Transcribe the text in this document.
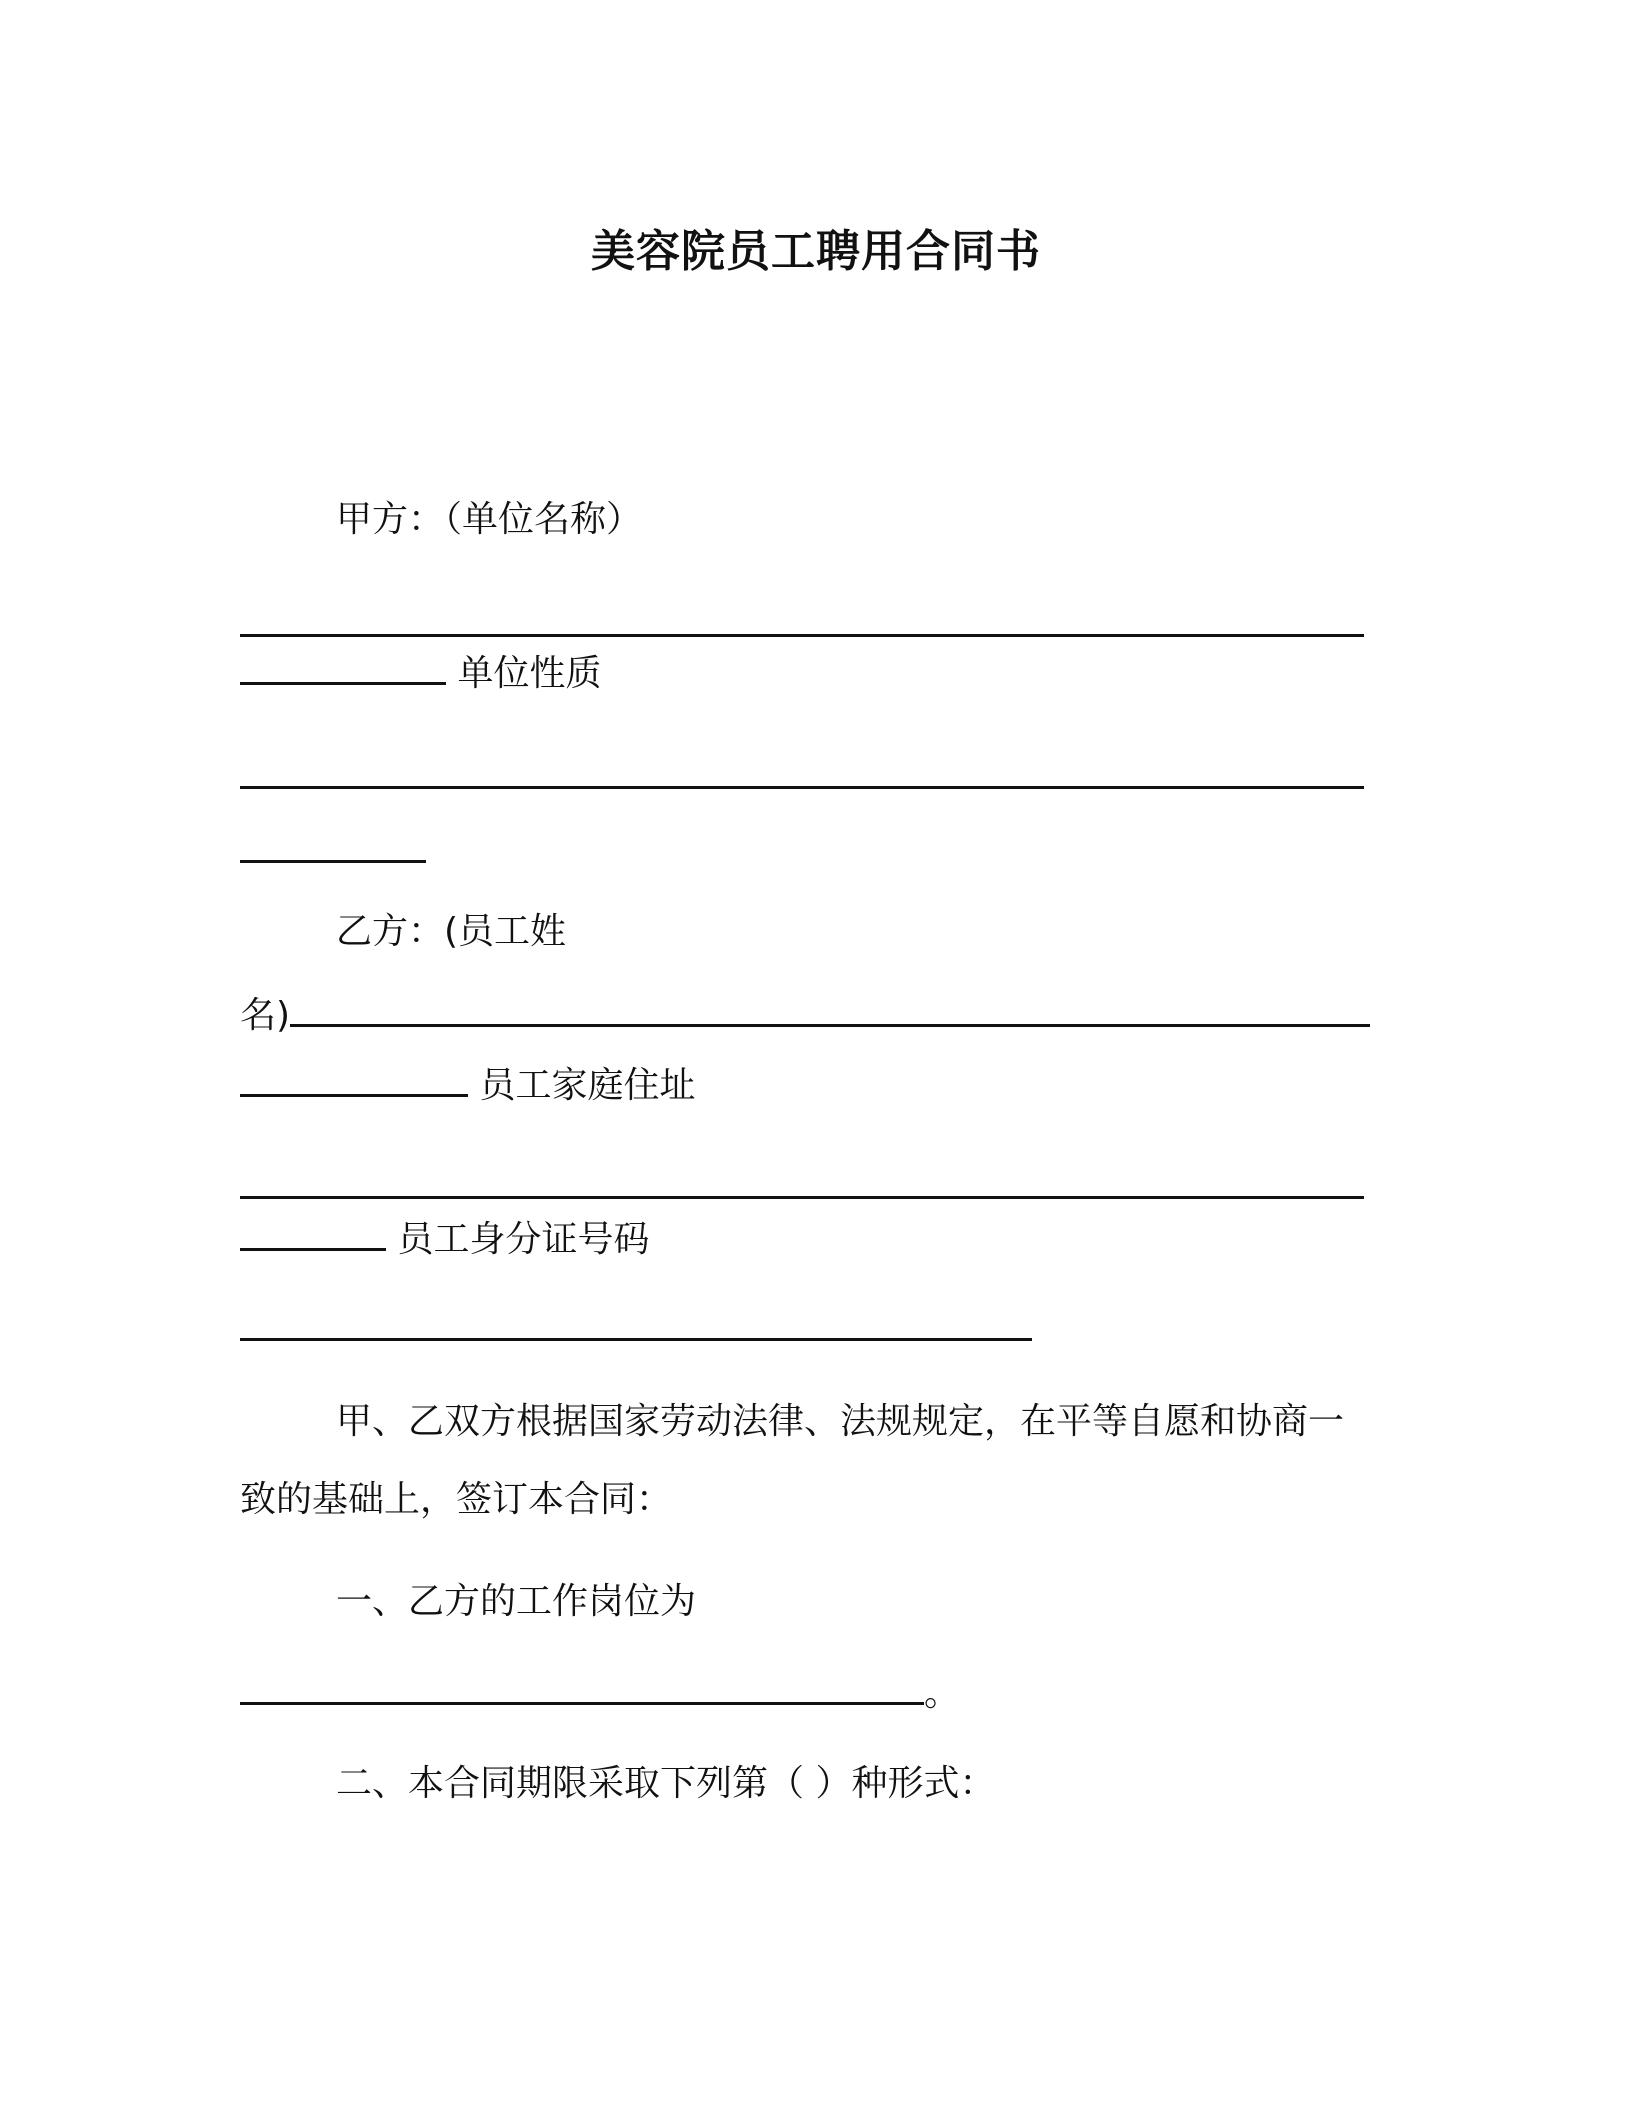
美容院员工聘用合同书
甲方：（单位名称）
单位性质
乙方：(员工姓
名)
员工家庭住址
员工身分证号码
甲、乙双方根据国家劳动法律、法规规定，在平等自愿和协商一
致的基础上，签订本合同：
一、乙方的工作岗位为
。
二、本合同期限采取下列第（ ）种形式：
